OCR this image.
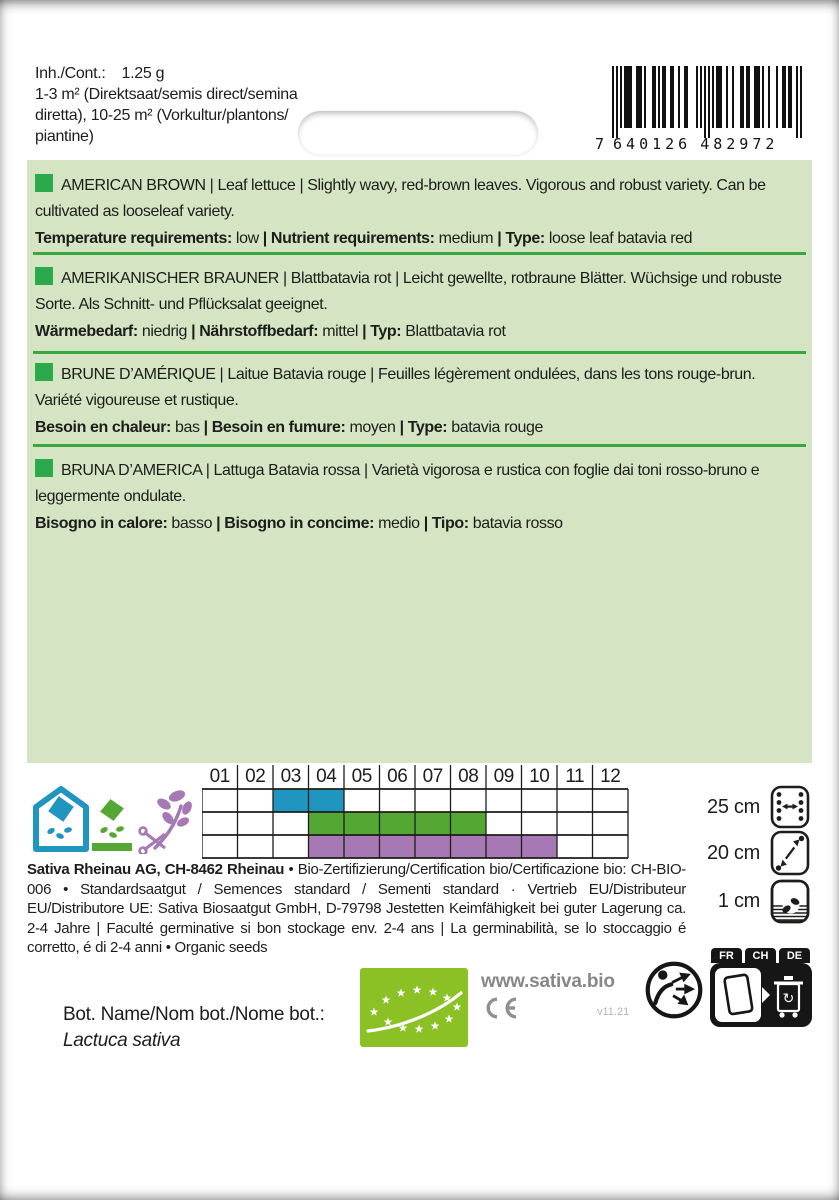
Inh./Cont.: 1.25 g
1-3 m² (Direktsaat/semis direct/semina
diretta), 10-25 m² (Vorkultur/plantons/
piantine)	7 640126 482972

AMERICAN BROWN | Leaf lettuce | Slightly wavy, red-brown leaves. Vigorous and robust variety. Can be cultivated as looseleaf variety.

Temperature requirements: low | Nutrient requirements: medium | Type: loose leaf batavia red

AMERIKANISCHER BRAUNER | Blattbatavia rot | Leicht gewellte, rotbraune Blätter. Wüchsige und robuste Sorte. Als Schnitt- und Pflücksalat geeignet.

Wärmebedarf: niedrig | Nährstoffbedarf: mittel | Typ: Blattbatavia rot

BRUNE D’AMÉRIQUE | Laitue Batavia rouge | Feuilles légèrement ondulées, dans les tons rouge-brun. Variété vigoureuse et rustique.

Besoin en chaleur: bas | Besoin en fumure: moyen | Type: batavia rouge

BRUNA D’AMERICA | Lattuga Batavia rossa | Varietà vigorosa e rustica con foglie dai toni rosso-bruno e leggermente ondulate.

Bisogno in calore: basso | Bisogno in concime: medio | Tipo: batavia rosso

01 02 03 04 05 06 07 08 09 10 11 12
25 cm
20 cm
1 cm

Sativa Rheinau AG, CH-8462 Rheinau • Bio-Zertifizierung/Certification bio/Certificazione bio: CH-BIO-006 • Standardsaatgut / Semences standard / Sementi standard · Vertrieb EU/Distributeur EU/Distributore UE: Sativa Biosaatgut GmbH, D-79798 Jestetten Keimfähigkeit bei guter Lagerung ca. 2-4 Jahre | Faculté germinative si bon stockage env. 2-4 ans | La germinabilità, se lo stoccaggio é corretto, é di 2-4 anni • Organic seeds	FR	CH	DE
↻
www.sativa.bio
v11.21
Bot. Name/Nom bot./Nome bot.:
Lactuca sativa
